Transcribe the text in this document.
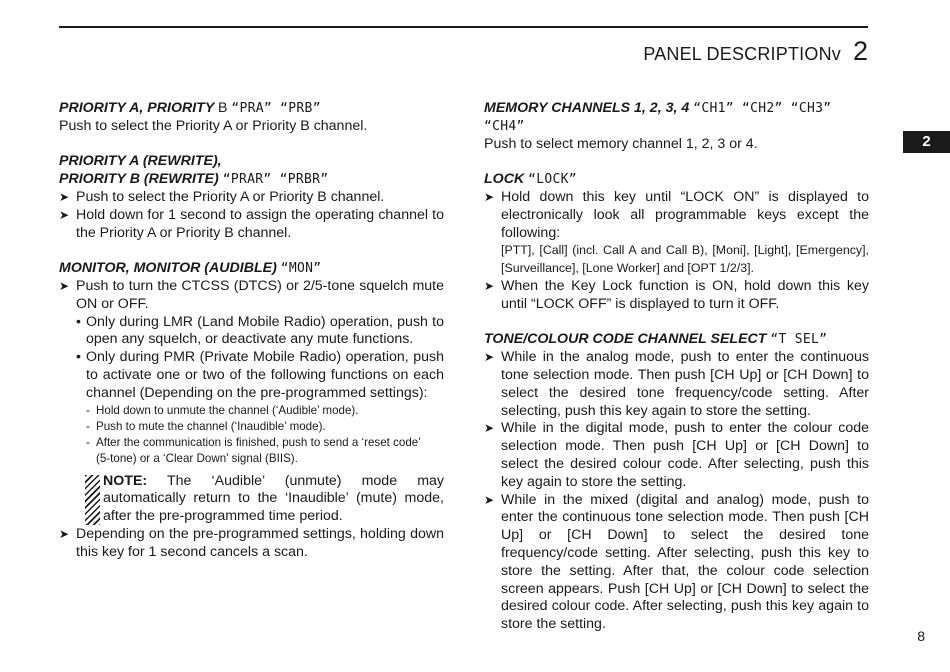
PANEL DESCRIPTIONv 2
2
PRIORITY A, PRIORITY B “PRA” “PRB”
Push to select the Priority A or Priority B channel.
PRIORITY A (REWRITE),
PRIORITY B (REWRITE) “PRAR” “PRBR”
➤ Push to select the Priority A or Priority B channel.
➤ Hold down for 1 second to assign the operating channel to the Priority A or Priority B channel.
MONITOR, MONITOR (AUDIBLE) “MON”
➤ Push to turn the CTCSS (DTCS) or 2/5-tone squelch mute ON or OFF.
• Only during LMR (Land Mobile Radio) operation, push to open any squelch, or deactivate any mute functions.
• Only during PMR (Private Mobile Radio) operation, push to activate one or two of the following functions on each channel (Depending on the pre-programmed settings):
- Hold down to unmute the channel (‘Audible’ mode).
- Push to mute the channel (‘Inaudible’ mode).
- After the communication is finished, push to send a ‘reset code’
(5-tone) or a ‘Clear Down’ signal (BIIS).
NOTE: The ‘Audible’ (unmute) mode may automatically return to the ‘Inaudible’ (mute) mode, after the pre-programmed time period.
➤ Depending on the pre-programmed settings, holding down this key for 1 second cancels a scan.
MEMORY CHANNELS 1, 2, 3, 4 “CH1” “CH2” “CH3” “CH4”
Push to select memory channel 1, 2, 3 or 4.
LOCK “LOCK”
➤ Hold down this key until “LOCK ON” is displayed to electronically look all programmable keys except the following:
[PTT], [Call] (incl. Call A and Call B), [Moni], [Light], [Emergency], [Surveillance], [Lone Worker] and [OPT 1/2/3].
➤ When the Key Lock function is ON, hold down this key until “LOCK OFF” is displayed to turn it OFF.
TONE/COLOUR CODE CHANNEL SELECT “T SEL”
➤ While in the analog mode, push to enter the continuous tone selection mode. Then push [CH Up] or [CH Down] to select the desired tone frequency/code setting. After selecting, push this key again to store the setting.
➤ While in the digital mode, push to enter the colour code selection mode. Then push [CH Up] or [CH Down] to select the desired colour code. After selecting, push this key again to store the setting.
➤ While in the mixed (digital and analog) mode, push to enter the continuous tone selection mode. Then push [CH Up] or [CH Down] to select the desired tone frequency/code setting. After selecting, push this key to store the setting. After that, the colour code selection screen appears. Push [CH Up] or [CH Down] to select the desired colour code. After selecting, push this key again to store the setting.
8
